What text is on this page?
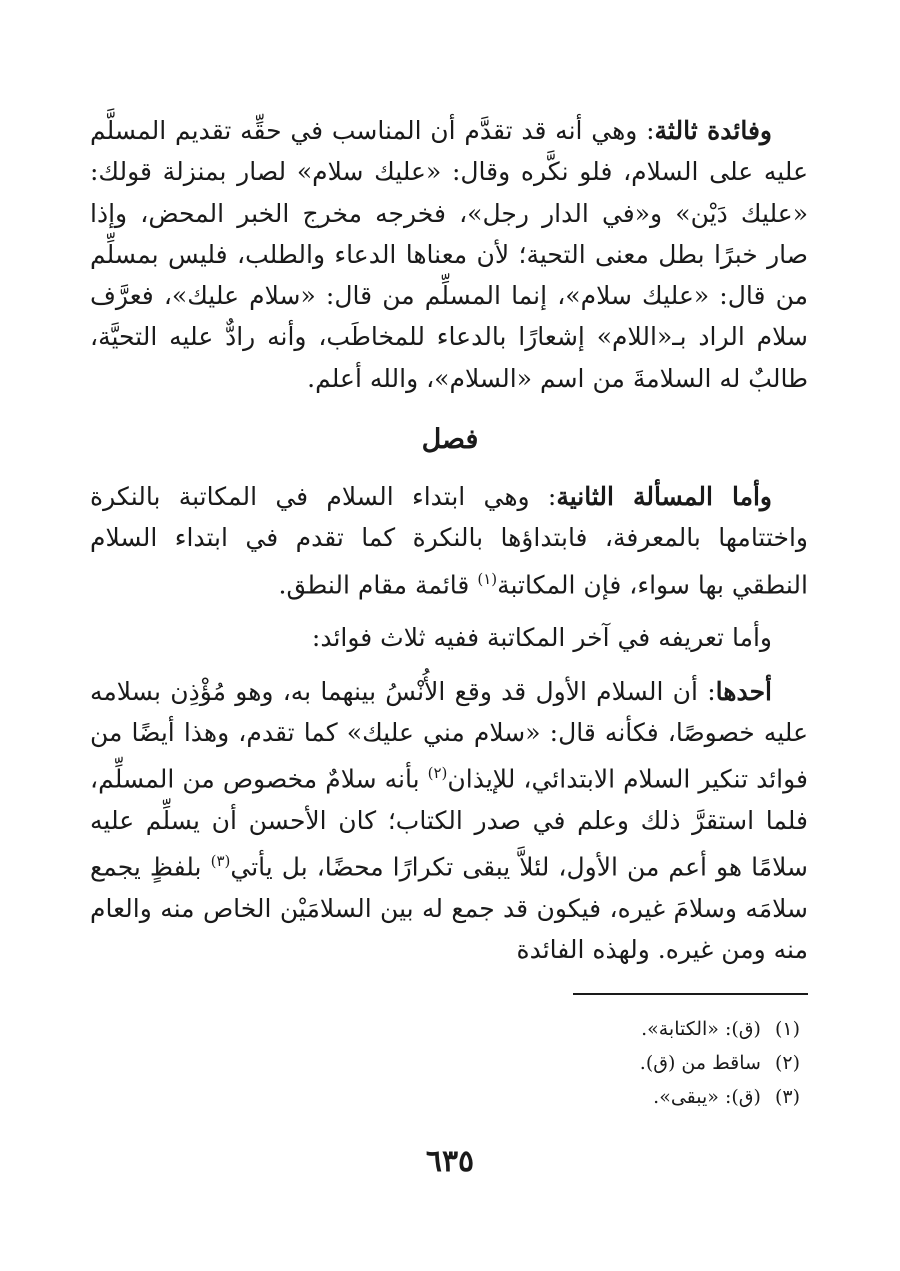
وفائدة ثالثة: وهي أنه قد تقدَّم أن المناسب في حقِّه تقديم المسلَّم عليه على السلام، فلو نكَّره وقال: «عليك سلام» لصار بمنزلة قولك: «عليك دَيْن» و«في الدار رجل»، فخرجه مخرج الخبر المحض، وإذا صار خبرًا بطل معنى التحية؛ لأن معناها الدعاء والطلب، فليس بمسلِّم من قال: «عليك سلام»، إنما المسلِّم من قال: «سلام عليك»، فعرَّف سلام الراد بـ«اللام» إشعارًا بالدعاء للمخاطَب، وأنه رادٌّ عليه التحيَّة، طالبٌ له السلامةَ من اسم «السلام»، والله أعلم.

فصل

وأما المسألة الثانية: وهي ابتداء السلام في المكاتبة بالنكرة واختتامها بالمعرفة، فابتداؤها بالنكرة كما تقدم في ابتداء السلام النطقي بها سواء، فإن المكاتبة$^{(١)}$ قائمة مقام النطق.

وأما تعريفه في آخر المكاتبة ففيه ثلاث فوائد:

أحدها: أن السلام الأول قد وقع الأُنْسُ بينهما به، وهو مُؤْذِن بسلامه عليه خصوصًا، فكأنه قال: «سلام مني عليك» كما تقدم، وهذا أيضًا من فوائد تنكير السلام الابتدائي، للإيذان$^{(٢)}$ بأنه سلامٌ مخصوص من المسلِّم، فلما استقرَّ ذلك وعلم في صدر الكتاب؛ كان الأحسن أن يسلِّم عليه سلامًا هو أعم من الأول، لئلاَّ يبقى تكرارًا محضًا، بل يأتي$^{(٣)}$ بلفظٍ يجمع سلامَه وسلامَ غيره، فيكون قد جمع له بين السلامَيْن الخاص منه والعام منه ومن غيره. ولهذه الفائدة

(١)(ق): «الكتابة».
(٢)ساقط من (ق).
(٣)(ق): «يبقى».
٦٣٥
